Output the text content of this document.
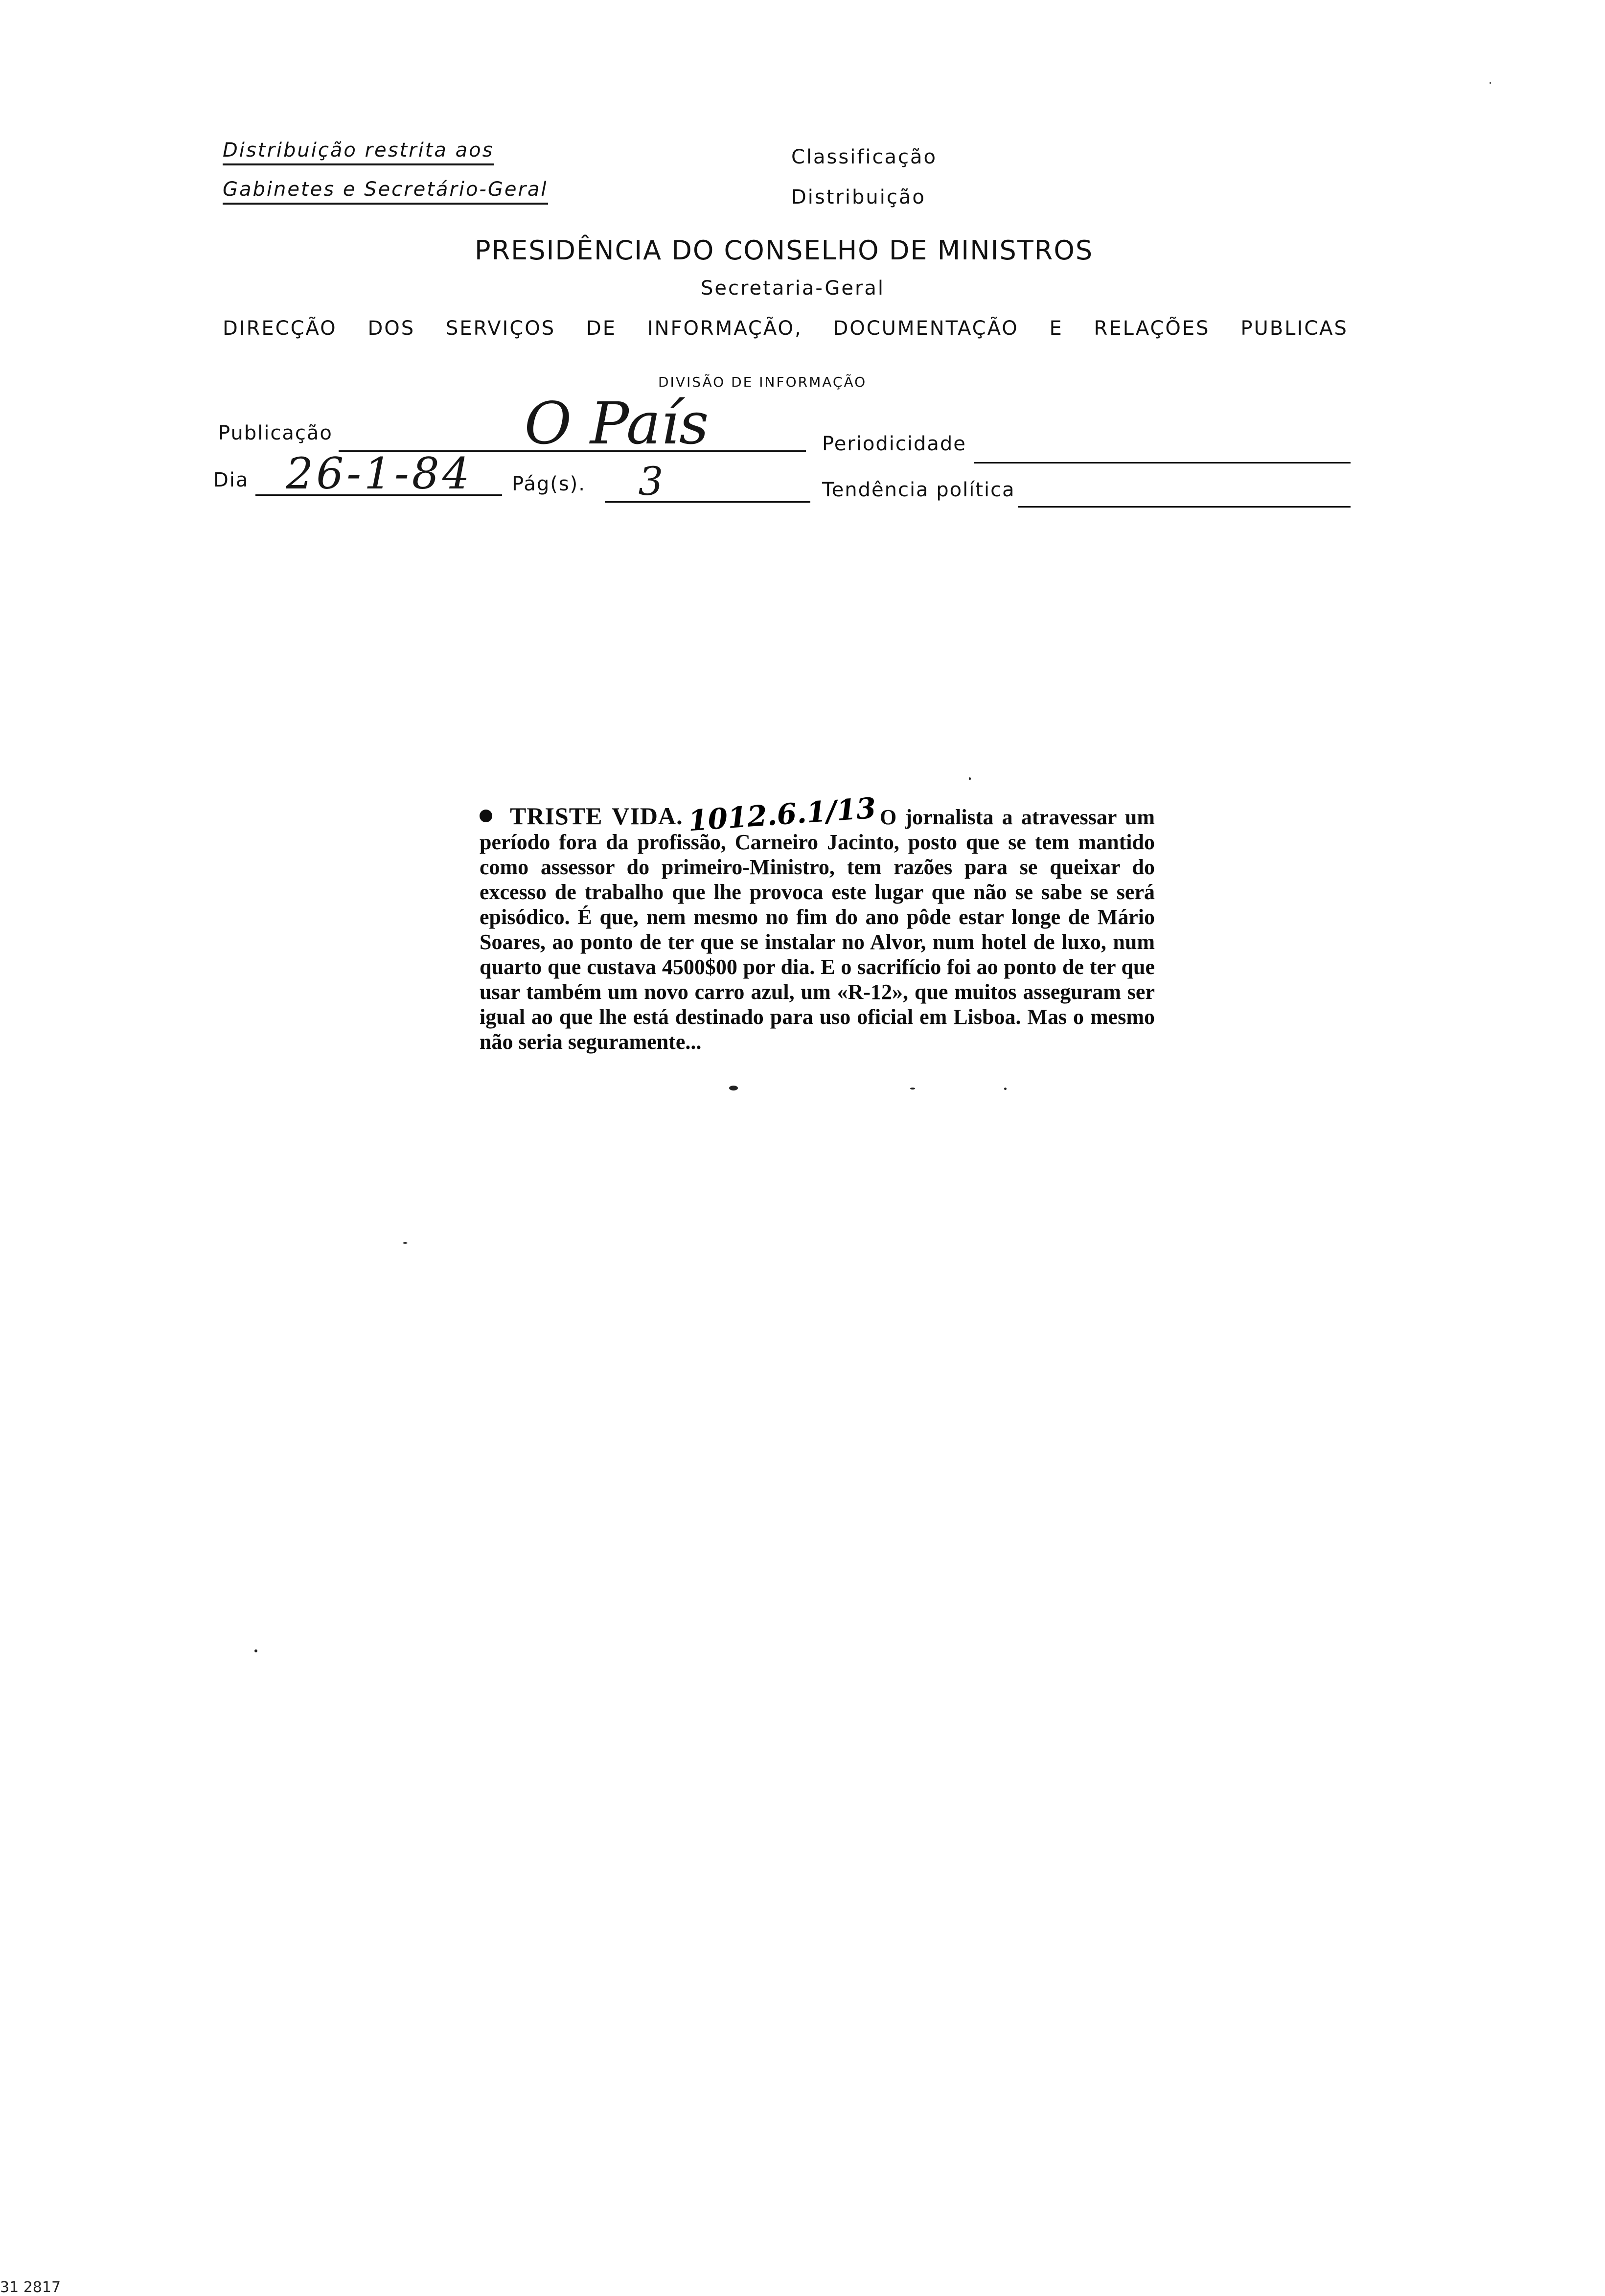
Distribuição restrita aos
Gabinetes e Secretário-Geral
Classificação
Distribuição
PRESIDÊNCIA DO CONSELHO DE MINISTROS
Secretaria-Geral
DIRECÇÃO DOS SERVIÇOS DE INFORMAÇÃO, DOCUMENTAÇÃO E RELAÇÕES PUBLICAS
DIVISÃO DE INFORMAÇÃO
Publicação	O País	Periodicidade
Dia 26-1-84	Pág(s).	3	Tendência política
TRISTE VIDA. 1012.6.1/13 O jornalista a atravessar um período fora da profissão, Carneiro Jacinto, posto que se tem mantido como assessor do primeiro-Ministro, tem razões para se queixar do excesso de trabalho que lhe provoca este lugar que não se sabe se será episódico. É que, nem mesmo no fim do ano pôde estar longe de Mário Soares, ao ponto de ter que se instalar no Alvor, num hotel de luxo, num quarto que custava 4500$00 por dia. E o sacrifício foi ao ponto de ter que usar também um novo carro azul, um «R-12», que muitos asseguram ser igual ao que lhe está destinado para uso oficial em Lisboa. Mas o mesmo não seria seguramente...
31 2817
